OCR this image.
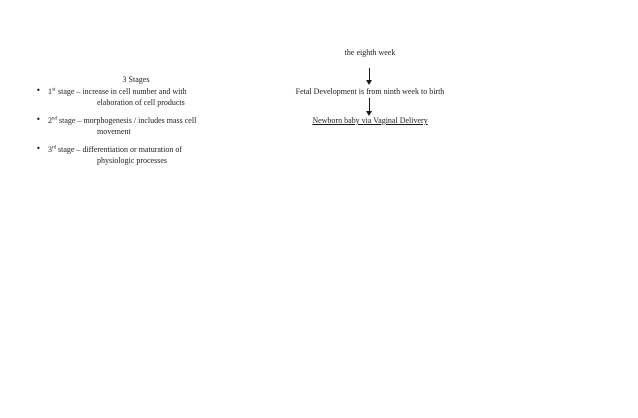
3 Stages
• 1st stage – increase in cell number and with
elaboration of cell products
• 2nd stage – morphogenesis / includes mass cell
movement
• 3rd stage – differentiation or maturation of
physiologic processes
the eighth week
Fetal Development is from ninth week to birth
Newborn baby via Vaginal Delivery
